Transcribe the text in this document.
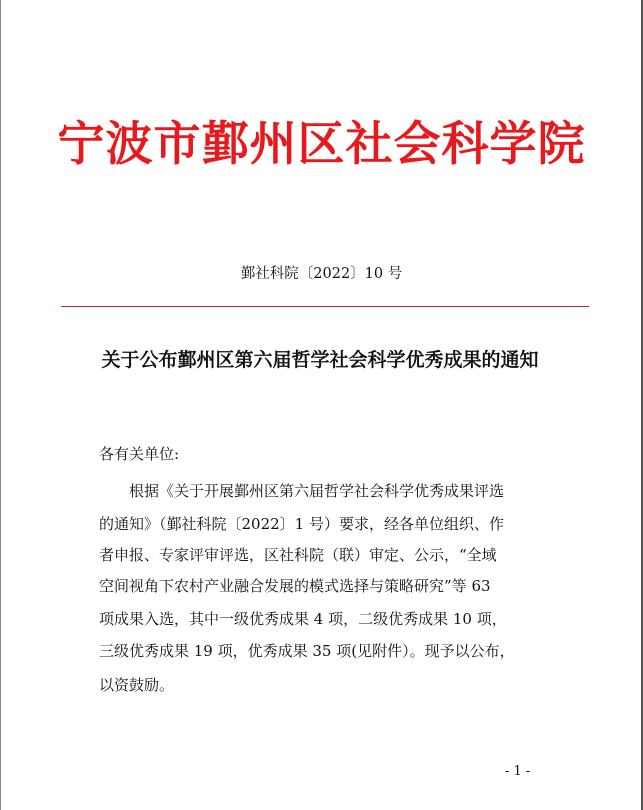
宁波市鄞州区社会科学院
鄞社科院〔2022〕10 号
关于公布鄞州区第六届哲学社会科学优秀成果的通知
各有关单位:
根据《关于开展鄞州区第六届哲学社会科学优秀成果评选
的通知》（鄞社科院〔2022〕1 号）要求，经各单位组织、作
者申报、专家评审评选，区社科院（联）审定、公示，“全域
空间视角下农村产业融合发展的模式选择与策略研究”等 63
项成果入选，其中一级优秀成果 4 项，二级优秀成果 10 项，
三级优秀成果 19 项，优秀成果 35 项(见附件）。现予以公布，
以资鼓励。
- 1 -
